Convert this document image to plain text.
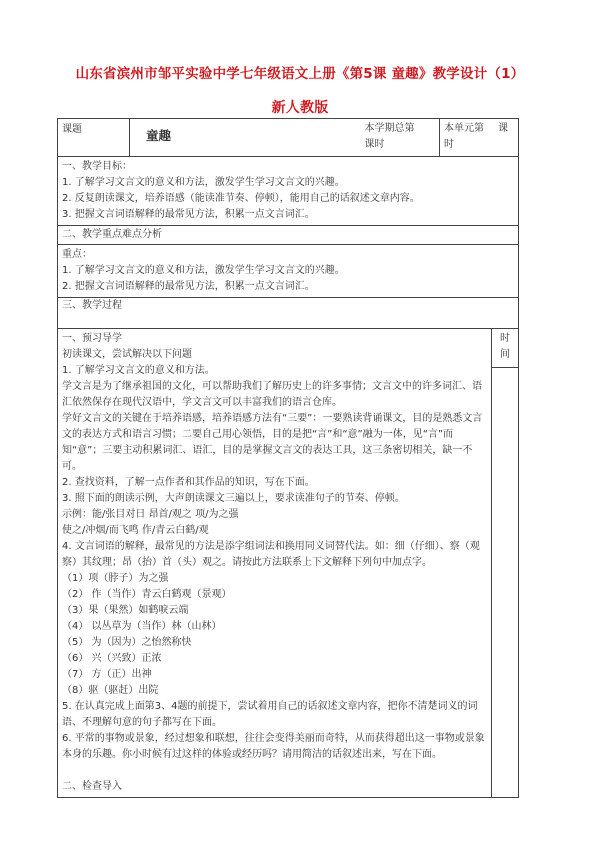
山东省滨州市邹平实验中学七年级语文上册《第5课 童趣》教学设计（1）
新人教版
课题	童趣	本学期总第课时	本单元第 课时	

一、教学目标：
1. 了解学习文言文的意义和方法，激发学生学习文言文的兴趣。
2. 反复朗读课文，培养语感（能读准节奏、停顿），能用自己的话叙述文章内容。
3. 把握文言词语解释的最常见方法，积累一点文言词汇。				

二、教学重点难点分析				

重点：
1. 了解学习文言文的意义和方法，激发学生学习文言文的兴趣。
2. 把握文言词语解释的最常见方法，积累一点文言词汇。				

三、教学过程				

一、预习导学
初读课文，尝试解决以下问题
1. 了解学习文言文的意义和方法。
学文言是为了继承祖国的文化，可以帮助我们了解历史上的许多事情；文言文中的许多词汇、语汇依然保存在现代汉语中，学文言文可以丰富我们的语言仓库。
学好文言文的关键在于培养语感，培养语感方法有“三要”：一要熟读背诵课文，目的是熟悉文言文的表达方式和语言习惯；二要自己用心领悟，目的是把“言”和“意”融为一体，见“言”而知“意”；三要主动积累词汇、语汇，目的是掌握文言文的表达工具，这三条密切相关，缺一不可。
2. 查找资料，了解一点作者和其作品的知识，写在下面。
3. 照下面的朗读示例，大声朗读课文三遍以上，要求读准句子的节奏、停顿。
示例：能/张目对日 昂首/观之 项/为之强
使之/冲烟/而飞鸣 作/青云白鹤/观
4. 文言词语的解释，最常见的方法是添字组词法和换用同义词替代法。如：细（仔细）、察（观察）其纹理；昂（抬）首（头）观之。请按此方法联系上下文解释下列句中加点字。
（1）项（脖子）为之强
（2） 作（当作）青云白鹤观（景观）
（3）果（果然）如鹤唳云端
（4） 以丛草为（当作）林（山林）
（5） 为（因为）之怡然称快
（6） 兴（兴致）正浓
（7） 方（正）出神
（8）驱（驱赶）出院
5. 在认真完成上面第3、4题的前提下，尝试着用自己的话叙述文章内容，把你不清楚词义的词语、不理解句意的句子都写在下面。
6. 平常的事物或景象，经过想象和联想，往往会变得美丽而奇特，从而获得超出这一事物或景象本身的乐趣。你小时候有过这样的体验或经历吗？请用简洁的话叙述出来，写在下面。
二、检查导入
	时间
